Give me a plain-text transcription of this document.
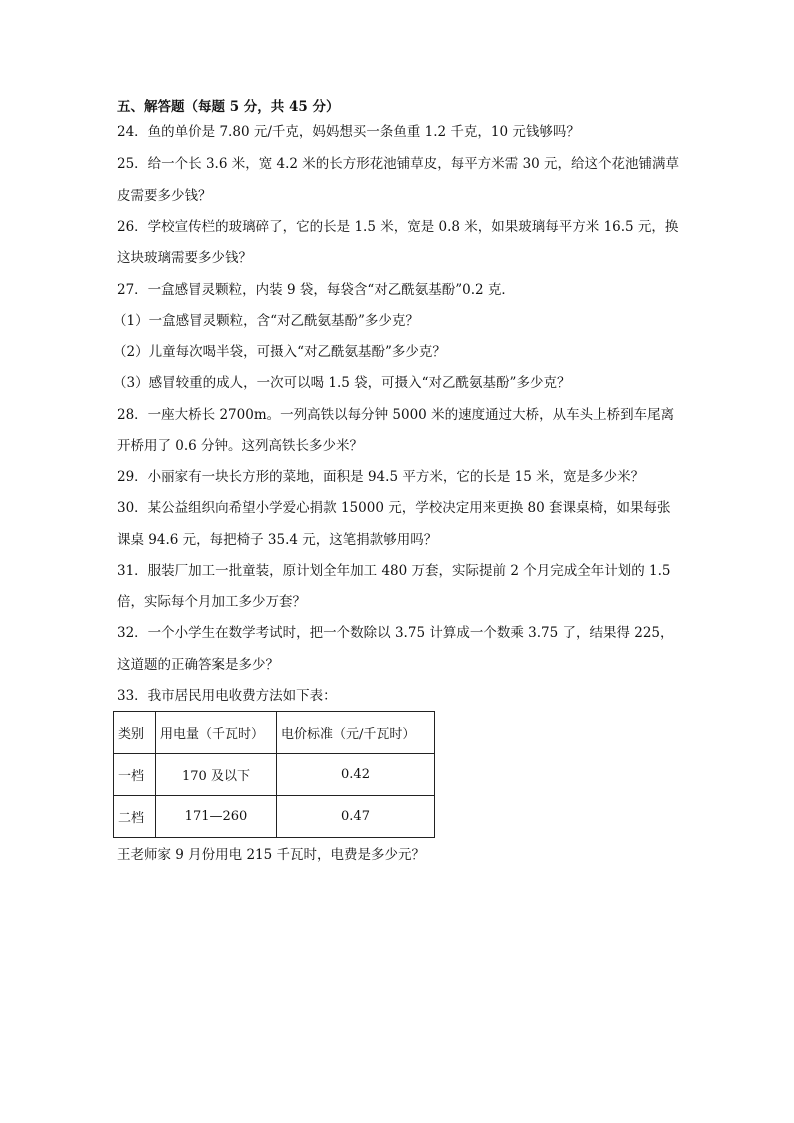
五、解答题（每题 5 分，共 45 分）
24．鱼的单价是 7.80 元/千克，妈妈想买一条鱼重 1.2 千克，10 元钱够吗？
25．给一个长 3.6 米，宽 4.2 米的长方形花池铺草皮，每平方米需 30 元，给这个花池铺满草
皮需要多少钱？
26．学校宣传栏的玻璃碎了，它的长是 1.5 米，宽是 0.8 米，如果玻璃每平方米 16.5 元，换
这块玻璃需要多少钱？
27．一盒感冒灵颗粒，内装 9 袋，每袋含“对乙酰氨基酚”0.2 克．
（1）一盒感冒灵颗粒，含“对乙酰氨基酚”多少克？
（2）儿童每次喝半袋，可摄入“对乙酰氨基酚”多少克？
（3）感冒较重的成人，一次可以喝 1.5 袋，可摄入“对乙酰氨基酚”多少克？
28．一座大桥长 2700m。一列高铁以每分钟 5000 米的速度通过大桥，从车头上桥到车尾离
开桥用了 0.6 分钟。这列高铁长多少米？
29．小丽家有一块长方形的菜地，面积是 94.5 平方米，它的长是 15 米，宽是多少米？
30．某公益组织向希望小学爱心捐款 15000 元，学校决定用来更换 80 套课桌椅，如果每张
课桌 94.6 元，每把椅子 35.4 元，这笔捐款够用吗？
31．服装厂加工一批童装，原计划全年加工 480 万套，实际提前 2 个月完成全年计划的 1.5
倍，实际每个月加工多少万套？
32．一个小学生在数学考试时，把一个数除以 3.75 计算成一个数乘 3.75 了，结果得 225，
这道题的正确答案是多少？
33．我市居民用电收费方法如下表：
类别	用电量（千瓦时）	电价标准（元/千瓦时）
一档	170 及以下	0.42
二档	171—260	0.47
王老师家 9 月份用电 215 千瓦时，电费是多少元？
